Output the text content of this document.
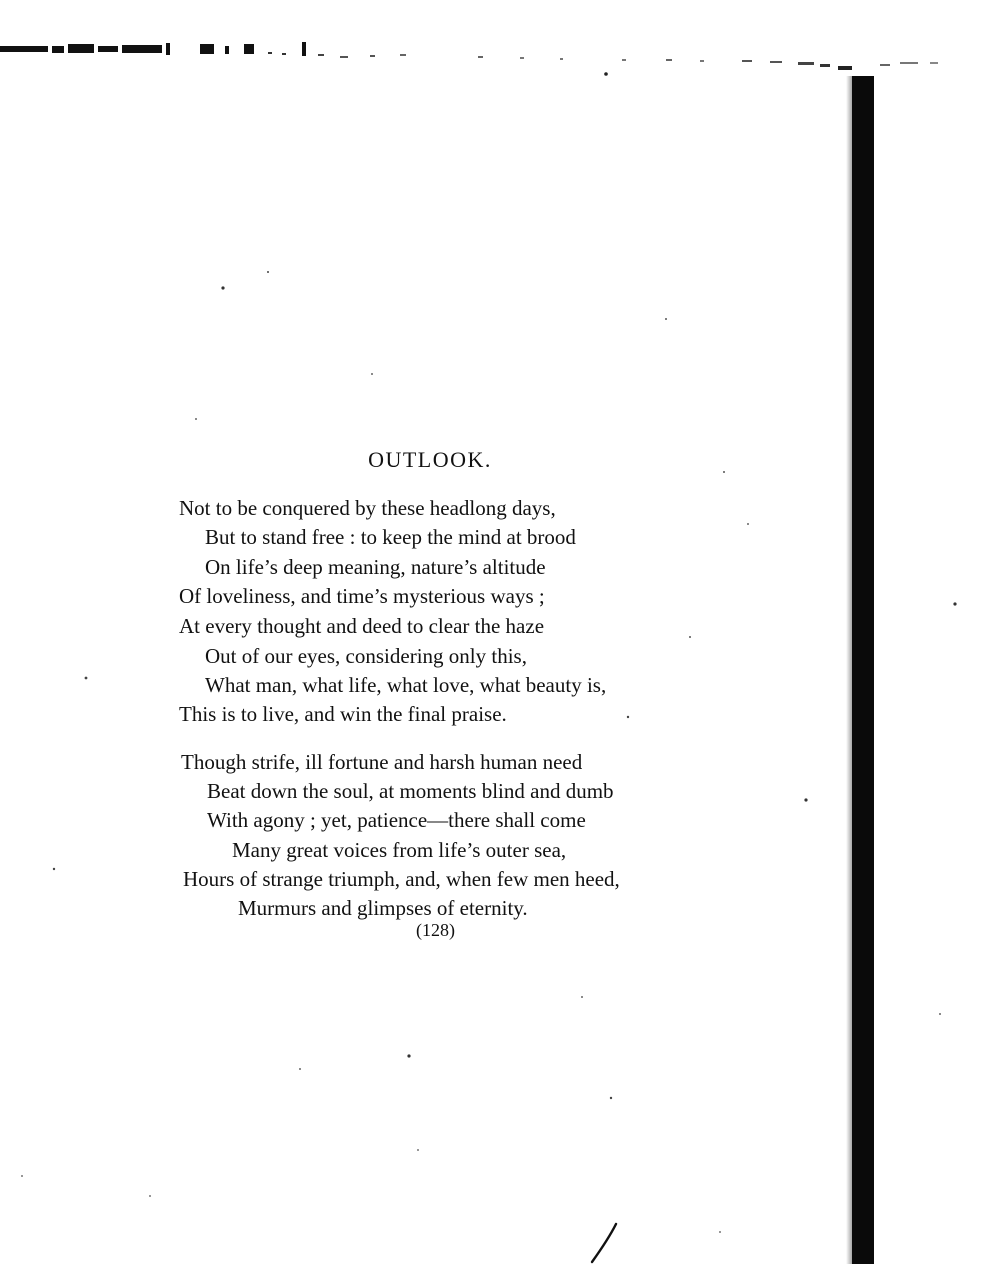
OUTLOOK.
Not to be conquered by these headlong days,
But to stand free : to keep the mind at brood
On life’s deep meaning, nature’s altitude
Of loveliness, and time’s mysterious ways ;
At every thought and deed to clear the haze
Out of our eyes, considering only this,
What man, what life, what love, what beauty is,
This is to live, and win the final praise.
Though strife, ill fortune and harsh human need
Beat down the soul, at moments blind and dumb
With agony ; yet, patience—there shall come
Many great voices from life’s outer sea,
Hours of strange triumph, and, when few men heed,
Murmurs and glimpses of eternity.
(128)
